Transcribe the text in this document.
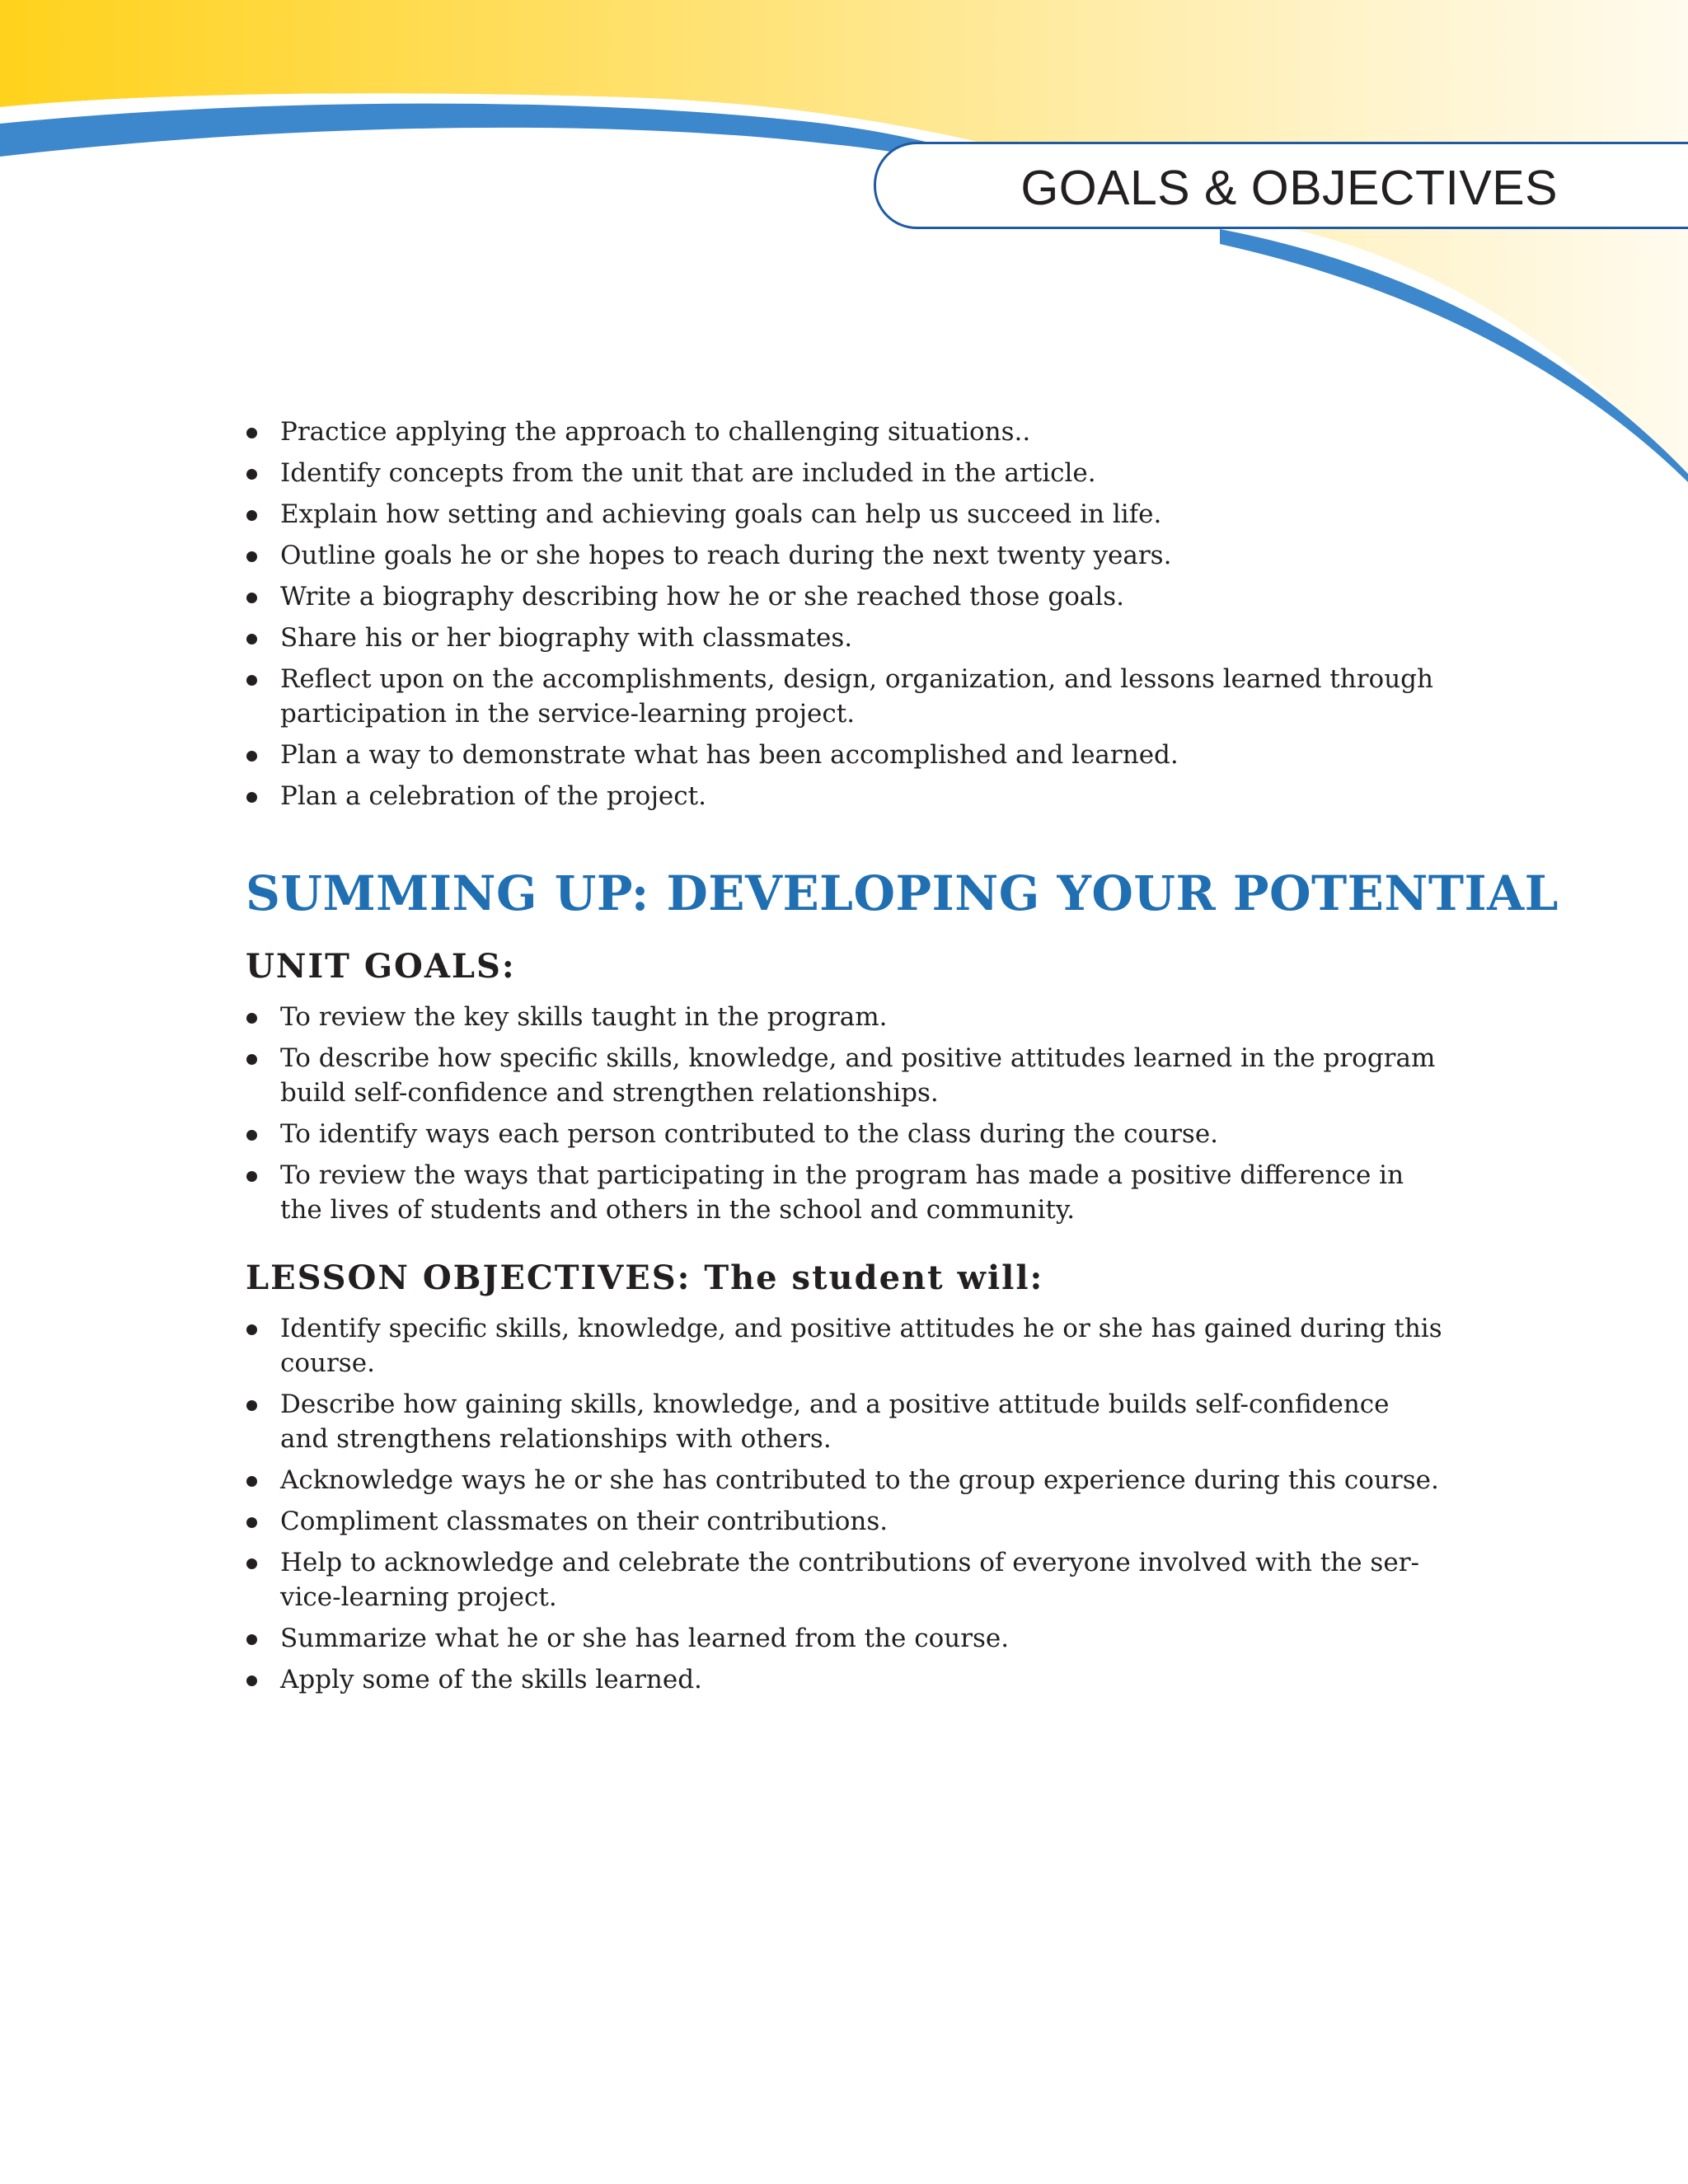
GOALS & OBJECTIVES
Practice applying the approach to challenging situations..
Identify concepts from the unit that are included in the article.
Explain how setting and achieving goals can help us succeed in life.
Outline goals he or she hopes to reach during the next twenty years.
Write a biography describing how he or she reached those goals.
Share his or her biography with classmates.
Reflect upon on the accomplishments, design, organization, and lessons learned through participation in the service-learning project.
Plan a way to demonstrate what has been accomplished and learned.
Plan a celebration of the project.
SUMMING UP: DEVELOPING YOUR POTENTIAL
UNIT GOALS:
To review the key skills taught in the program.
To describe how specific skills, knowledge, and positive attitudes learned in the program build self-confidence and strengthen relationships.
To identify ways each person contributed to the class during the course.
To review the ways that participating in the program has made a positive difference in the lives of students and others in the school and community.
LESSON OBJECTIVES: The student will:
Identify specific skills, knowledge, and positive attitudes he or she has gained during this course.
Describe how gaining skills, knowledge, and a positive attitude builds self-confidence and strengthens relationships with others.
Acknowledge ways he or she has contributed to the group experience during this course.
Compliment classmates on their contributions.
Help to acknowledge and celebrate the contributions of everyone involved with the ser- vice-learning project.
Summarize what he or she has learned from the course.
Apply some of the skills learned.
